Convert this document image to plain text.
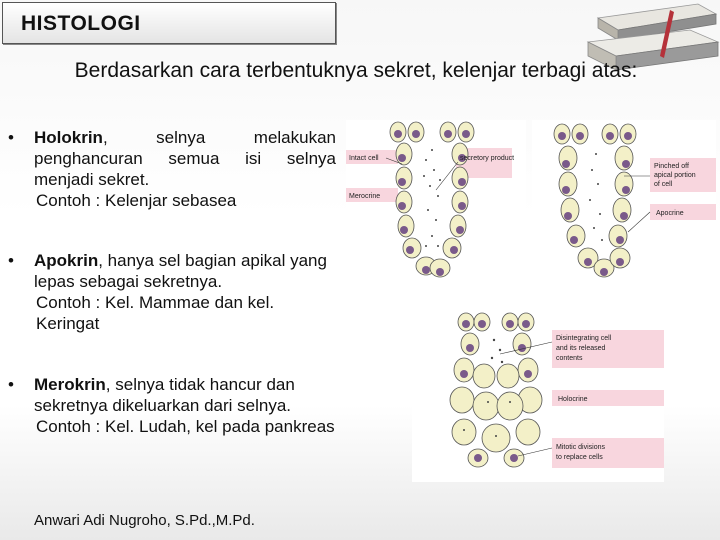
HISTOLOGI
Berdasarkan cara terbentuknya sekret, kelenjar terbagi atas:
• Holokrin, selnya melakukan penghancuran semua isi selnya menjadi sekret.
Contoh : Kelenjar sebasea
• Apokrin, hanya sel bagian apikal yang lepas sebagai sekretnya.
Contoh : Kel. Mammae dan kel. Keringat
• Merokrin, selnya tidak hancur dan sekretnya dikeluarkan dari selnya.
Contoh : Kel. Ludah, kel pada pankreas
Intact cell
Merocrine
secretory product
Pinched off
apical portion
of cell
Apocrine
Disintegrating cell
and its released
contents
Holocrine
Mitotic divisions
to replace cells
Anwari Adi Nugroho, S.Pd.,M.Pd.
